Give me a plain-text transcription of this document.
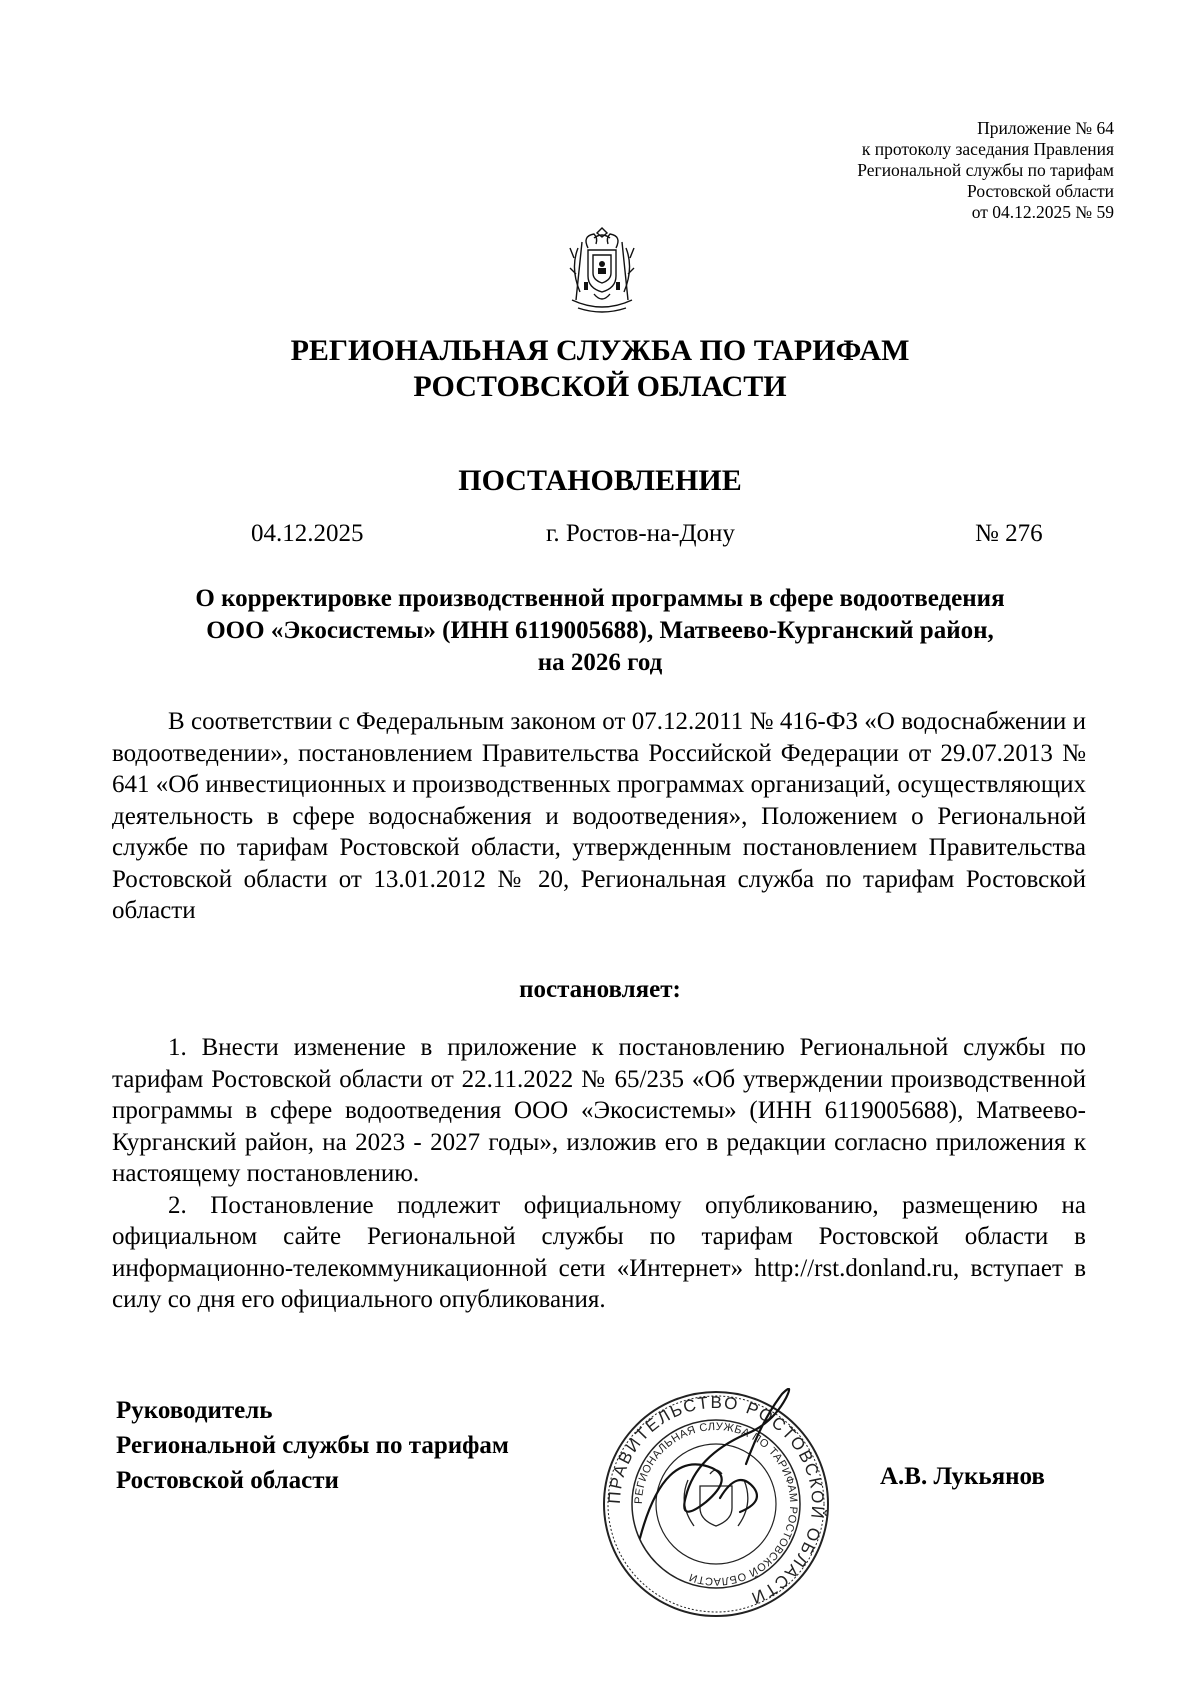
Приложение № 64
к протоколу заседания Правления
Региональной службы по тарифам
Ростовской области
от 04.12.2025 № 59
РЕГИОНАЛЬНАЯ СЛУЖБА ПО ТАРИФАМ
РОСТОВСКОЙ ОБЛАСТИ
ПОСТАНОВЛЕНИЕ
04.12.2025	г. Ростов-на-Дону	№ 276
О корректировке производственной программы в сфере водоотведения
ООО «Экосистемы» (ИНН 6119005688), Матвеево-Курганский район,
на 2026 год

В соответствии с Федеральным законом от 07.12.2011 № 416-ФЗ «О водоснабжении и водоотведении», постановлением Правительства Российской Федерации от 29.07.2013 № 641 «Об инвестиционных и производственных программах организаций, осуществляющих деятельность в сфере водоснабжения и водоотведения», Положением о Региональной службе по тарифам Ростовской области, утвержденным постановлением Правительства Ростовской области от 13.01.2012 № 20, Региональная служба по тарифам Ростовской области

постановляет:

1. Внести изменение в приложение к постановлению Региональной службы по тарифам Ростовской области от 22.11.2022 № 65/235 «Об утверждении производственной программы в сфере водоотведения ООО «Экосистемы» (ИНН 6119005688), Матвеево-Курганский район, на 2023 - 2027 годы», изложив его в редакции согласно приложения к настоящему постановлению.

2. Постановление подлежит официальному опубликованию, размещению на официальном сайте Региональной службы по тарифам Ростовской области в информационно-телекоммуникационной сети «Интернет» http://rst.donland.ru, вступает в силу со дня его официального опубликования.

Руководитель
Региональной службы по тарифам
Ростовской области
ПРАВИТЕЛЬСТВО РОСТОВСКОЙ ОБЛАСТИ
РЕГИОНАЛЬНАЯ СЛУЖБА ПО ТАРИФАМ РОСТОВСКОЙ ОБЛАСТИ
А.В. Лукьянов
